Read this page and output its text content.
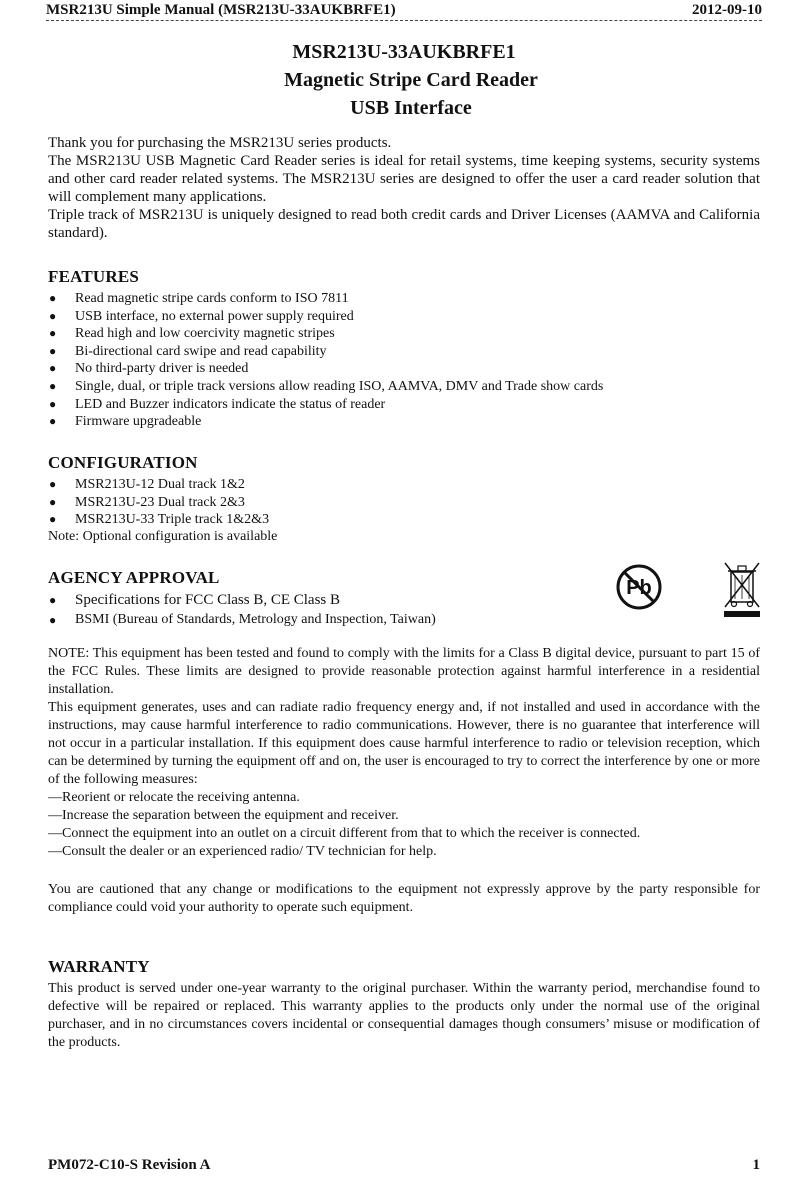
MSR213U Simple Manual (MSR213U-33AUKBRFE1)	2012-09-10
MSR213U-33AUKBRFE1
Magnetic Stripe Card Reader
USB Interface

Thank you for purchasing the MSR213U series products.

The MSR213U USB Magnetic Card Reader series is ideal for retail systems, time keeping systems, security systems and other card reader related systems. The MSR213U series are designed to offer the user a card reader solution that will complement many applications.

Triple track of MSR213U is uniquely designed to read both credit cards and Driver Licenses (AAMVA and California standard).

FEATURES
● Read magnetic stripe cards conform to ISO 7811
● USB interface, no external power supply required
● Read high and low coercivity magnetic stripes
● Bi-directional card swipe and read capability
● No third-party driver is needed
● Single, dual, or triple track versions allow reading ISO, AAMVA, DMV and Trade show cards
● LED and Buzzer indicators indicate the status of reader
● Firmware upgradeable
CONFIGURATION
● MSR213U-12 Dual track 1&2
● MSR213U-23 Dual track 2&3
● MSR213U-33 Triple track 1&2&3
Note: Optional configuration is available
AGENCY APPROVAL
● Specifications for FCC Class B, CE Class B
● BSMI (Bureau of Standards, Metrology and Inspection, Taiwan)
Pb

NOTE: This equipment has been tested and found to comply with the limits for a Class B digital device, pursuant to part 15 of the FCC Rules. These limits are designed to provide reasonable protection against harmful interference in a residential installation.

This equipment generates, uses and can radiate radio frequency energy and, if not installed and used in accordance with the instructions, may cause harmful interference to radio communications. However, there is no guarantee that interference will not occur in a particular installation. If this equipment does cause harmful interference to radio or television reception, which can be determined by turning the equipment off and on, the user is encouraged to try to correct the interference by one or more of the following measures:

—Reorient or relocate the receiving antenna.

—Increase the separation between the equipment and receiver.

—Connect the equipment into an outlet on a circuit different from that to which the receiver is connected.

—Consult the dealer or an experienced radio/ TV technician for help.

You are cautioned that any change or modifications to the equipment not expressly approve by the party responsible for compliance could void your authority to operate such equipment.
WARRANTY
This product is served under one-year warranty to the original purchaser. Within the warranty period, merchandise found to defective will be repaired or replaced. This warranty applies to the products only under the normal use of the original purchaser, and in no circumstances covers incidental or consequential damages though consumers’ misuse or modification of the products.
PM072-C10-S Revision A	1
